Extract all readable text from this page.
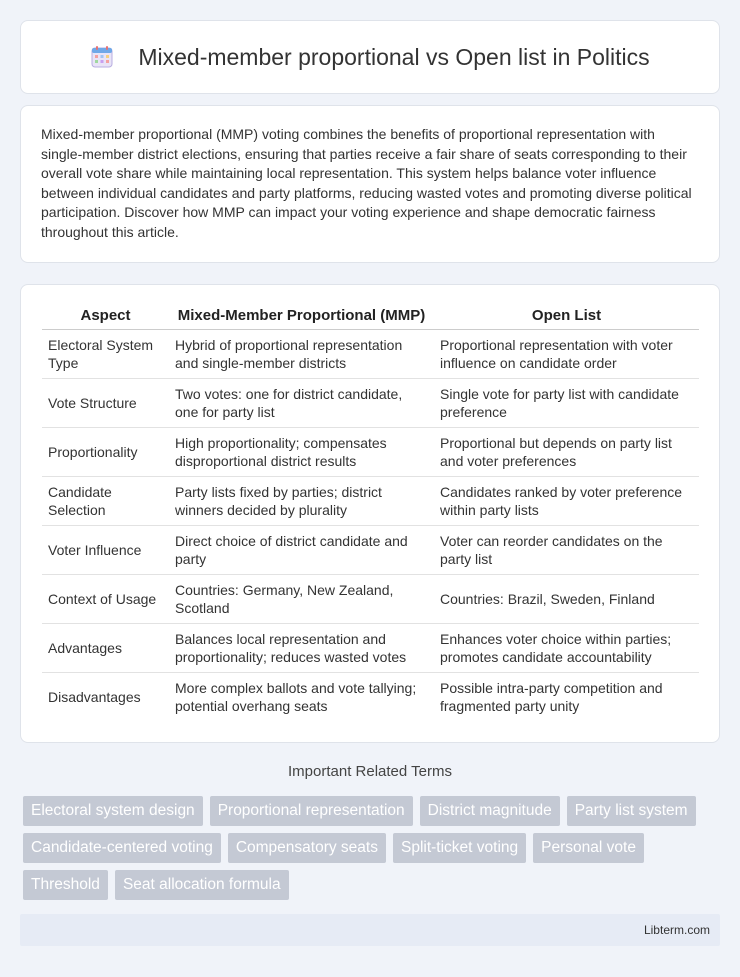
Mixed-member proportional vs Open list in Politics

Mixed-member proportional (MMP) voting combines the benefits of proportional representation with single-member district elections, ensuring that parties receive a fair share of seats corresponding to their overall vote share while maintaining local representation. This system helps balance voter influence between individual candidates and party platforms, reducing wasted votes and promoting diverse political participation. Discover how MMP can impact your voting experience and shape democratic fairness throughout this article.

Aspect	Mixed-Member Proportional (MMP)	Open List
Electoral System Type	Hybrid of proportional representation and single-member districts	Proportional representation with voter influence on candidate order
Vote Structure	Two votes: one for district candidate, one for party list	Single vote for party list with candidate preference
Proportionality	High proportionality; compensates disproportional district results	Proportional but depends on party list and voter preferences
Candidate Selection	Party lists fixed by parties; district winners decided by plurality	Candidates ranked by voter preference within party lists
Voter Influence	Direct choice of district candidate and party	Voter can reorder candidates on the party list
Context of Usage	Countries: Germany, New Zealand, Scotland	Countries: Brazil, Sweden, Finland
Advantages	Balances local representation and proportionality; reduces wasted votes	Enhances voter choice within parties; promotes candidate accountability
Disadvantages	More complex ballots and vote tallying; potential overhang seats	Possible intra-party competition and fragmented party unity
Important Related Terms
Electoral system design	Proportional representation	District magnitude	Party list system
Candidate-centered voting	Compensatory seats	Split-ticket voting	Personal vote
Threshold	Seat allocation formula
Libterm.com
